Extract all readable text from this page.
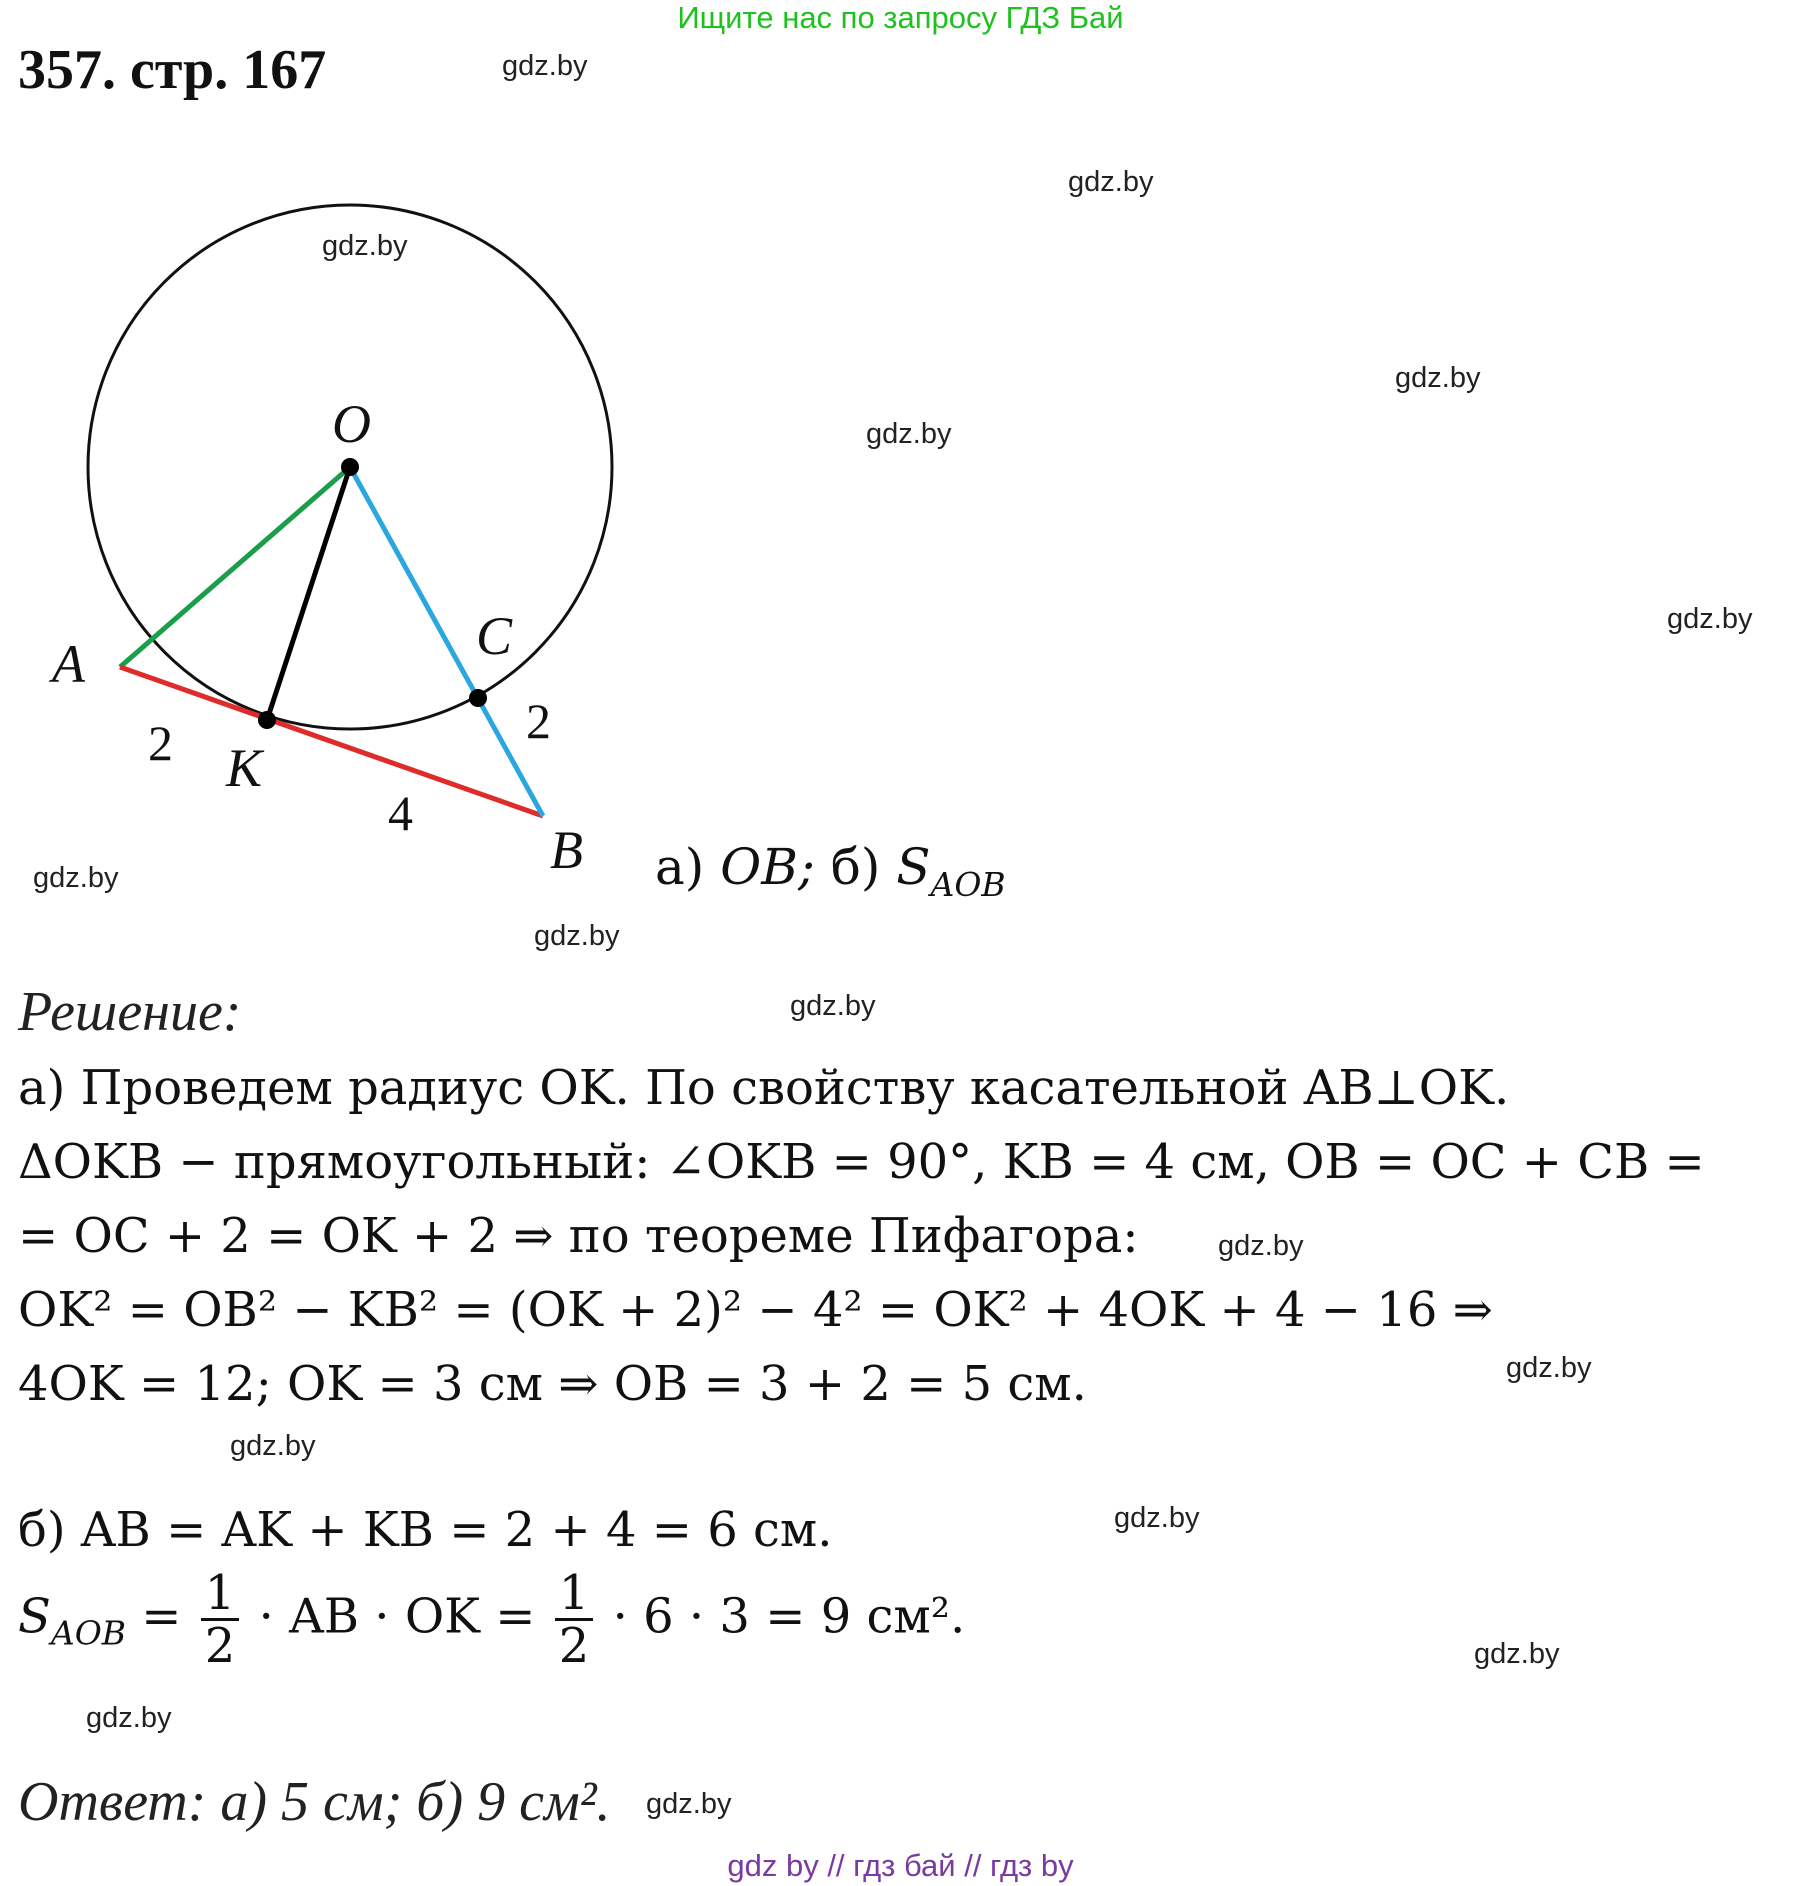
Ищите нас по запросу ГДЗ Бай
357. стр. 167	gdz.by
gdz.by
gdz.by
gdz.by
gdz.by
gdz.by
gdz.by
gdz.by
gdz.by
gdz.by
gdz.by
gdz.by
gdz.by
gdz.by
gdz.by
gdz.by
O
A
K
B
C
2
4
2
а) OB; б) $S_{AOB}$
Решение:
а) Проведем радиус OK. По свойству касательной AB⊥OK.
ΔOKB − прямоугольный: ∠OKB = 90°, KB = 4 см, OB = OC + CB =
= OC + 2 = OK + 2 ⇒ по теореме Пифагора:
OK² = OB² − KB² = (OK + 2)² − 4² = OK² + 4OK + 4 − 16 ⇒
4OK = 12; OK = 3 см ⇒ OB = 3 + 2 = 5 см.
б) AB = AK + KB = 2 + 4 = 6 см.
$S_{AOB} = \frac{1}{2}$ · AB · OK = $\frac{1}{2} \cdot 6 \cdot 3 = 9$ см².
Ответ: а) 5 см; б) 9 см².
gdz by // гдз бай // гдз by
